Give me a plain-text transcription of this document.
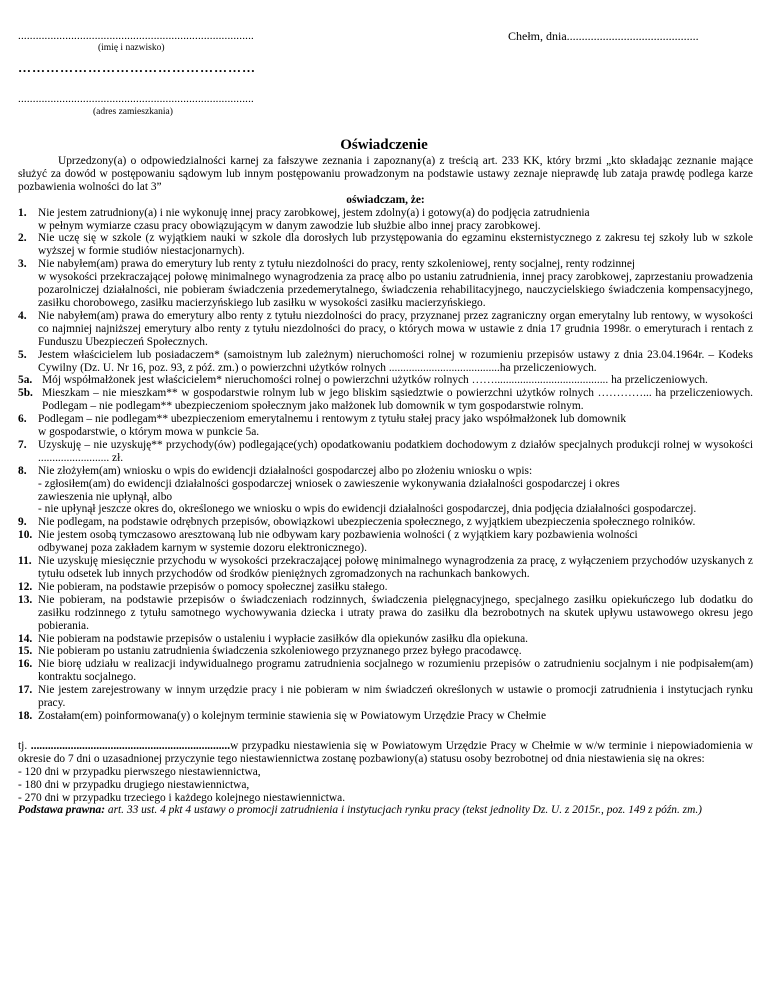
................................................................................
(imię i nazwisko)
……………………………………………
................................................................................
(adres zamieszkania)
Chełm, dnia............................................
Oświadczenie

Uprzedzony(a) o odpowiedzialności karnej za fałszywe zeznania i zapoznany(a) z treścią art. 233 KK, który brzmi „kto składając zeznanie mające służyć za dowód w postępowaniu sądowym lub innym postępowaniu prowadzonym na podstawie ustawy zeznaje nieprawdę lub zataja prawdę podlega karze pozbawienia wolności do lat 3”

oświadczam, że:

1.	Nie jestem zatrudniony(a) i nie wykonuję innej pracy zarobkowej, jestem zdolny(a) i gotowy(a) do podjęcia zatrudnienia
w pełnym wymiarze czasu pracy obowiązującym w danym zawodzie lub służbie albo innej pracy zarobkowej.
2.	Nie uczę się w szkole (z wyjątkiem nauki w szkole dla dorosłych lub przystępowania do egzaminu eksternistycznego z zakresu tej szkoły lub w szkole wyższej w formie studiów niestacjonarnych).
3.	Nie nabyłem(am) prawa do emerytury lub renty z tytułu niezdolności do pracy, renty szkoleniowej, renty socjalnej, renty rodzinnej
w wysokości przekraczającej połowę minimalnego wynagrodzenia za pracę albo po ustaniu zatrudnienia, innej pracy zarobkowej, zaprzestaniu prowadzenia pozarolniczej działalności, nie pobieram świadczenia przedemerytalnego, świadczenia rehabilitacyjnego, nauczycielskiego świadczenia kompensacyjnego, zasiłku chorobowego, zasiłku macierzyńskiego lub zasiłku w wysokości zasiłku macierzyńskiego.
4.	Nie nabyłem(am) prawa do emerytury albo renty z tytułu niezdolności do pracy, przyznanej przez zagraniczny organ emerytalny lub rentowy, w wysokości co najmniej najniższej emerytury albo renty z tytułu niezdolności do pracy, o których mowa w ustawie z dnia 17 grudnia 1998r. o emeryturach i rentach z Funduszu Ubezpieczeń Społecznych.
5.	Jestem właścicielem lub posiadaczem* (samoistnym lub zależnym) nieruchomości rolnej w rozumieniu przepisów ustawy z dnia 23.04.1964r. – Kodeks Cywilny (Dz. U. Nr 16, poz. 93, z póź. zm.) o powierzchni użytków rolnych .......................................ha przeliczeniowych.
5a. Mój współmałżonek jest właścicielem* nieruchomości rolnej o powierzchni użytków rolnych ……........................................ ha przeliczeniowych.
5b. Mieszkam – nie mieszkam** w gospodarstwie rolnym lub w jego bliskim sąsiedztwie o powierzchni użytków rolnych …………... ha przeliczeniowych. Podlegam – nie podlegam** ubezpieczeniom społecznym jako małżonek lub domownik w tym gospodarstwie rolnym.
6.	Podlegam – nie podlegam** ubezpieczeniom emerytalnemu i rentowym z tytułu stałej pracy jako współmałżonek lub domownik
w gospodarstwie, o którym mowa w punkcie 5a.
7.	Uzyskuję – nie uzyskuję** przychody(ów) podlegające(ych) opodatkowaniu podatkiem dochodowym z działów specjalnych produkcji rolnej w wysokości ......................... zł.
8.	Nie złożyłem(am) wniosku o wpis do ewidencji działalności gospodarczej albo po złożeniu wniosku o wpis:
- zgłosiłem(am) do ewidencji działalności gospodarczej wniosek o zawieszenie wykonywania działalności gospodarczej i okres
zawieszenia nie upłynął, albo
- nie upłynął jeszcze okres do, określonego we wniosku o wpis do ewidencji działalności gospodarczej, dnia podjęcia działalności gospodarczej.
9.	Nie podlegam, na podstawie odrębnych przepisów, obowiązkowi ubezpieczenia społecznego, z wyjątkiem ubezpieczenia społecznego rolników.
10. Nie jestem osobą tymczasowo aresztowaną lub nie odbywam kary pozbawienia wolności ( z wyjątkiem kary pozbawienia wolności
odbywanej poza zakładem karnym w systemie dozoru elektronicznego).
11. Nie uzyskuję miesięcznie przychodu w wysokości przekraczającej połowę minimalnego wynagrodzenia za pracę, z wyłączeniem przychodów uzyskanych z tytułu odsetek lub innych przychodów od środków pieniężnych zgromadzonych na rachunkach bankowych.
12. Nie pobieram, na podstawie przepisów o pomocy społecznej zasiłku stałego.
13. Nie pobieram, na podstawie przepisów o świadczeniach rodzinnych, świadczenia pielęgnacyjnego, specjalnego zasiłku opiekuńczego lub dodatku do zasiłku rodzinnego z tytułu samotnego wychowywania dziecka i utraty prawa do zasiłku dla bezrobotnych na skutek upływu ustawowego okresu jego pobierania.
14. Nie pobieram na podstawie przepisów o ustaleniu i wypłacie zasiłków dla opiekunów zasiłku dla opiekuna.
15. Nie pobieram po ustaniu zatrudnienia świadczenia szkoleniowego przyznanego przez byłego pracodawcę.
16. Nie biorę udziału w realizacji indywidualnego programu zatrudnienia socjalnego w rozumieniu przepisów o zatrudnieniu socjalnym i nie podpisałem(am) kontraktu socjalnego.
17. Nie jestem zarejestrowany w innym urzędzie pracy i nie pobieram w nim świadczeń określonych w ustawie o promocji zatrudnienia i instytucjach rynku pracy.
18. Zostałam(em) poinformowana(y) o kolejnym terminie stawienia się w Powiatowym Urzędzie Pracy w Chełmie

tj. ......................................................................w przypadku niestawienia się w Powiatowym Urzędzie Pracy w Chełmie w w/w terminie i niepowiadomienia w okresie do 7 dni o uzasadnionej przyczynie tego niestawiennictwa zostanę pozbawiony(a) statusu osoby bezrobotnej od dnia niestawienia się na okres:

- 120 dni w przypadku pierwszego niestawiennictwa,
- 180 dni w przypadku drugiego niestawiennictwa,
- 270 dni w przypadku trzeciego i każdego kolejnego niestawiennictwa.

Podstawa prawna: art. 33 ust. 4 pkt 4 ustawy o promocji zatrudnienia i instytucjach rynku pracy (tekst jednolity Dz. U. z 2015r., poz. 149 z późn. zm.)
